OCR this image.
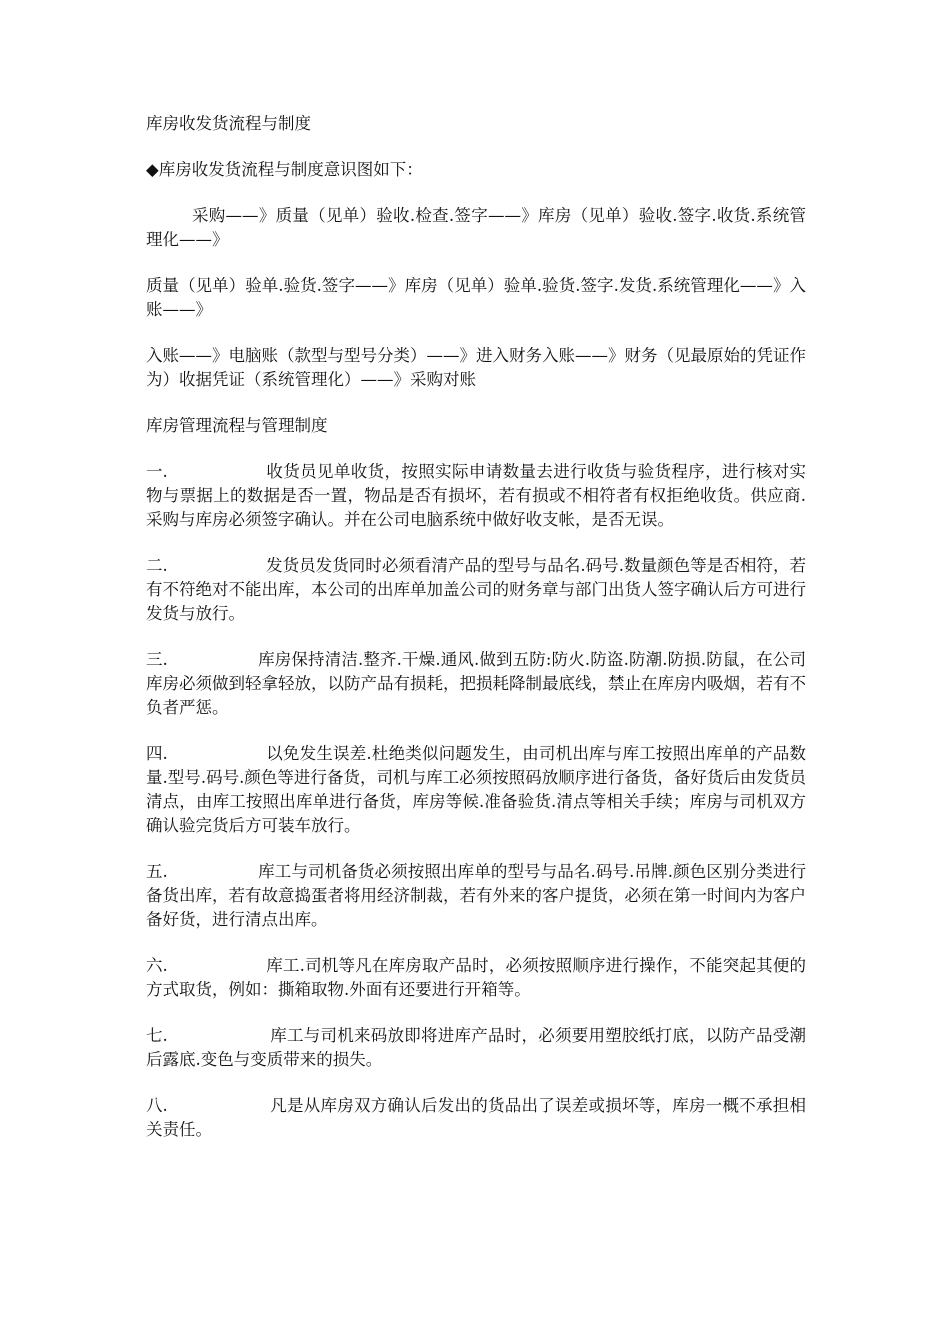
库房收发货流程与制度

◆库房收发货流程与制度意识图如下：

采购——》质量（见单）验收.检查.签字——》库房（见单）验收.签字.收货.系统管理化——》

质量（见单）验单.验货.签字——》库房（见单）验单.验货.签字.发货.系统管理化——》入账——》

入账——》电脑账（款型与型号分类）——》进入财务入账——》财务（见最原始的凭证作为）收据凭证（系统管理化）——》采购对账

库房管理流程与管理制度

一.	收货员见单收货，按照实际申请数量去进行收货与验货程序，进行核对实物与票据上的数据是否一置，物品是否有损坏，若有损或不相符者有权拒绝收货。供应商.采购与库房必须签字确认。并在公司电脑系统中做好收支帐，是否无误。

二.	发货员发货同时必须看清产品的型号与品名.码号.数量颜色等是否相符，若有不符绝对不能出库，本公司的出库单加盖公司的财务章与部门出货人签字确认后方可进行发货与放行。

三.	库房保持清洁.整齐.干燥.通风.做到五防:防火.防盗.防潮.防损.防鼠，在公司库房必须做到轻拿轻放，以防产品有损耗，把损耗降制最底线，禁止在库房内吸烟，若有不负者严惩。

四.	以免发生误差.杜绝类似问题发生，由司机出库与库工按照出库单的产品数量.型号.码号.颜色等进行备货，司机与库工必须按照码放顺序进行备货，备好货后由发货员清点，由库工按照出库单进行备货，库房等候.准备验货.清点等相关手续；库房与司机双方确认验完货后方可装车放行。

五.	库工与司机备货必须按照出库单的型号与品名.码号.吊牌.颜色区别分类进行备货出库，若有故意捣蛋者将用经济制裁，若有外来的客户提货，必须在第一时间内为客户备好货，进行清点出库。

六.	库工.司机等凡在库房取产品时，必须按照顺序进行操作，不能突起其便的方式取货，例如：撕箱取物.外面有还要进行开箱等。

七.	库工与司机来码放即将进库产品时，必须要用塑胶纸打底，以防产品受潮后露底.变色与变质带来的损失。

八.	凡是从库房双方确认后发出的货品出了误差或损坏等，库房一概不承担相关责任。
